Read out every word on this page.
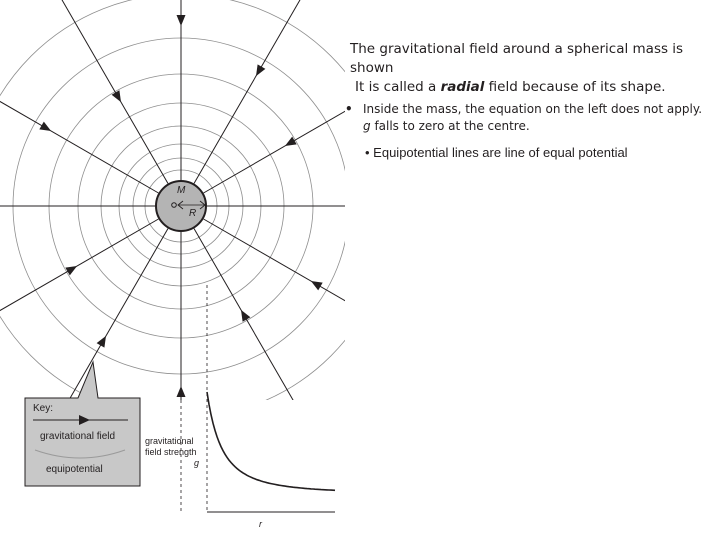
M
R
gravitational
field strength
g
r
Key:
gravitational field
equipotential
The gravitational field around a spherical mass is shown
It is called a radial field because of its shape.
• Inside the mass, the equation on the left does not apply.
g falls to zero at the centre.
• Equipotential lines are line of equal potential
